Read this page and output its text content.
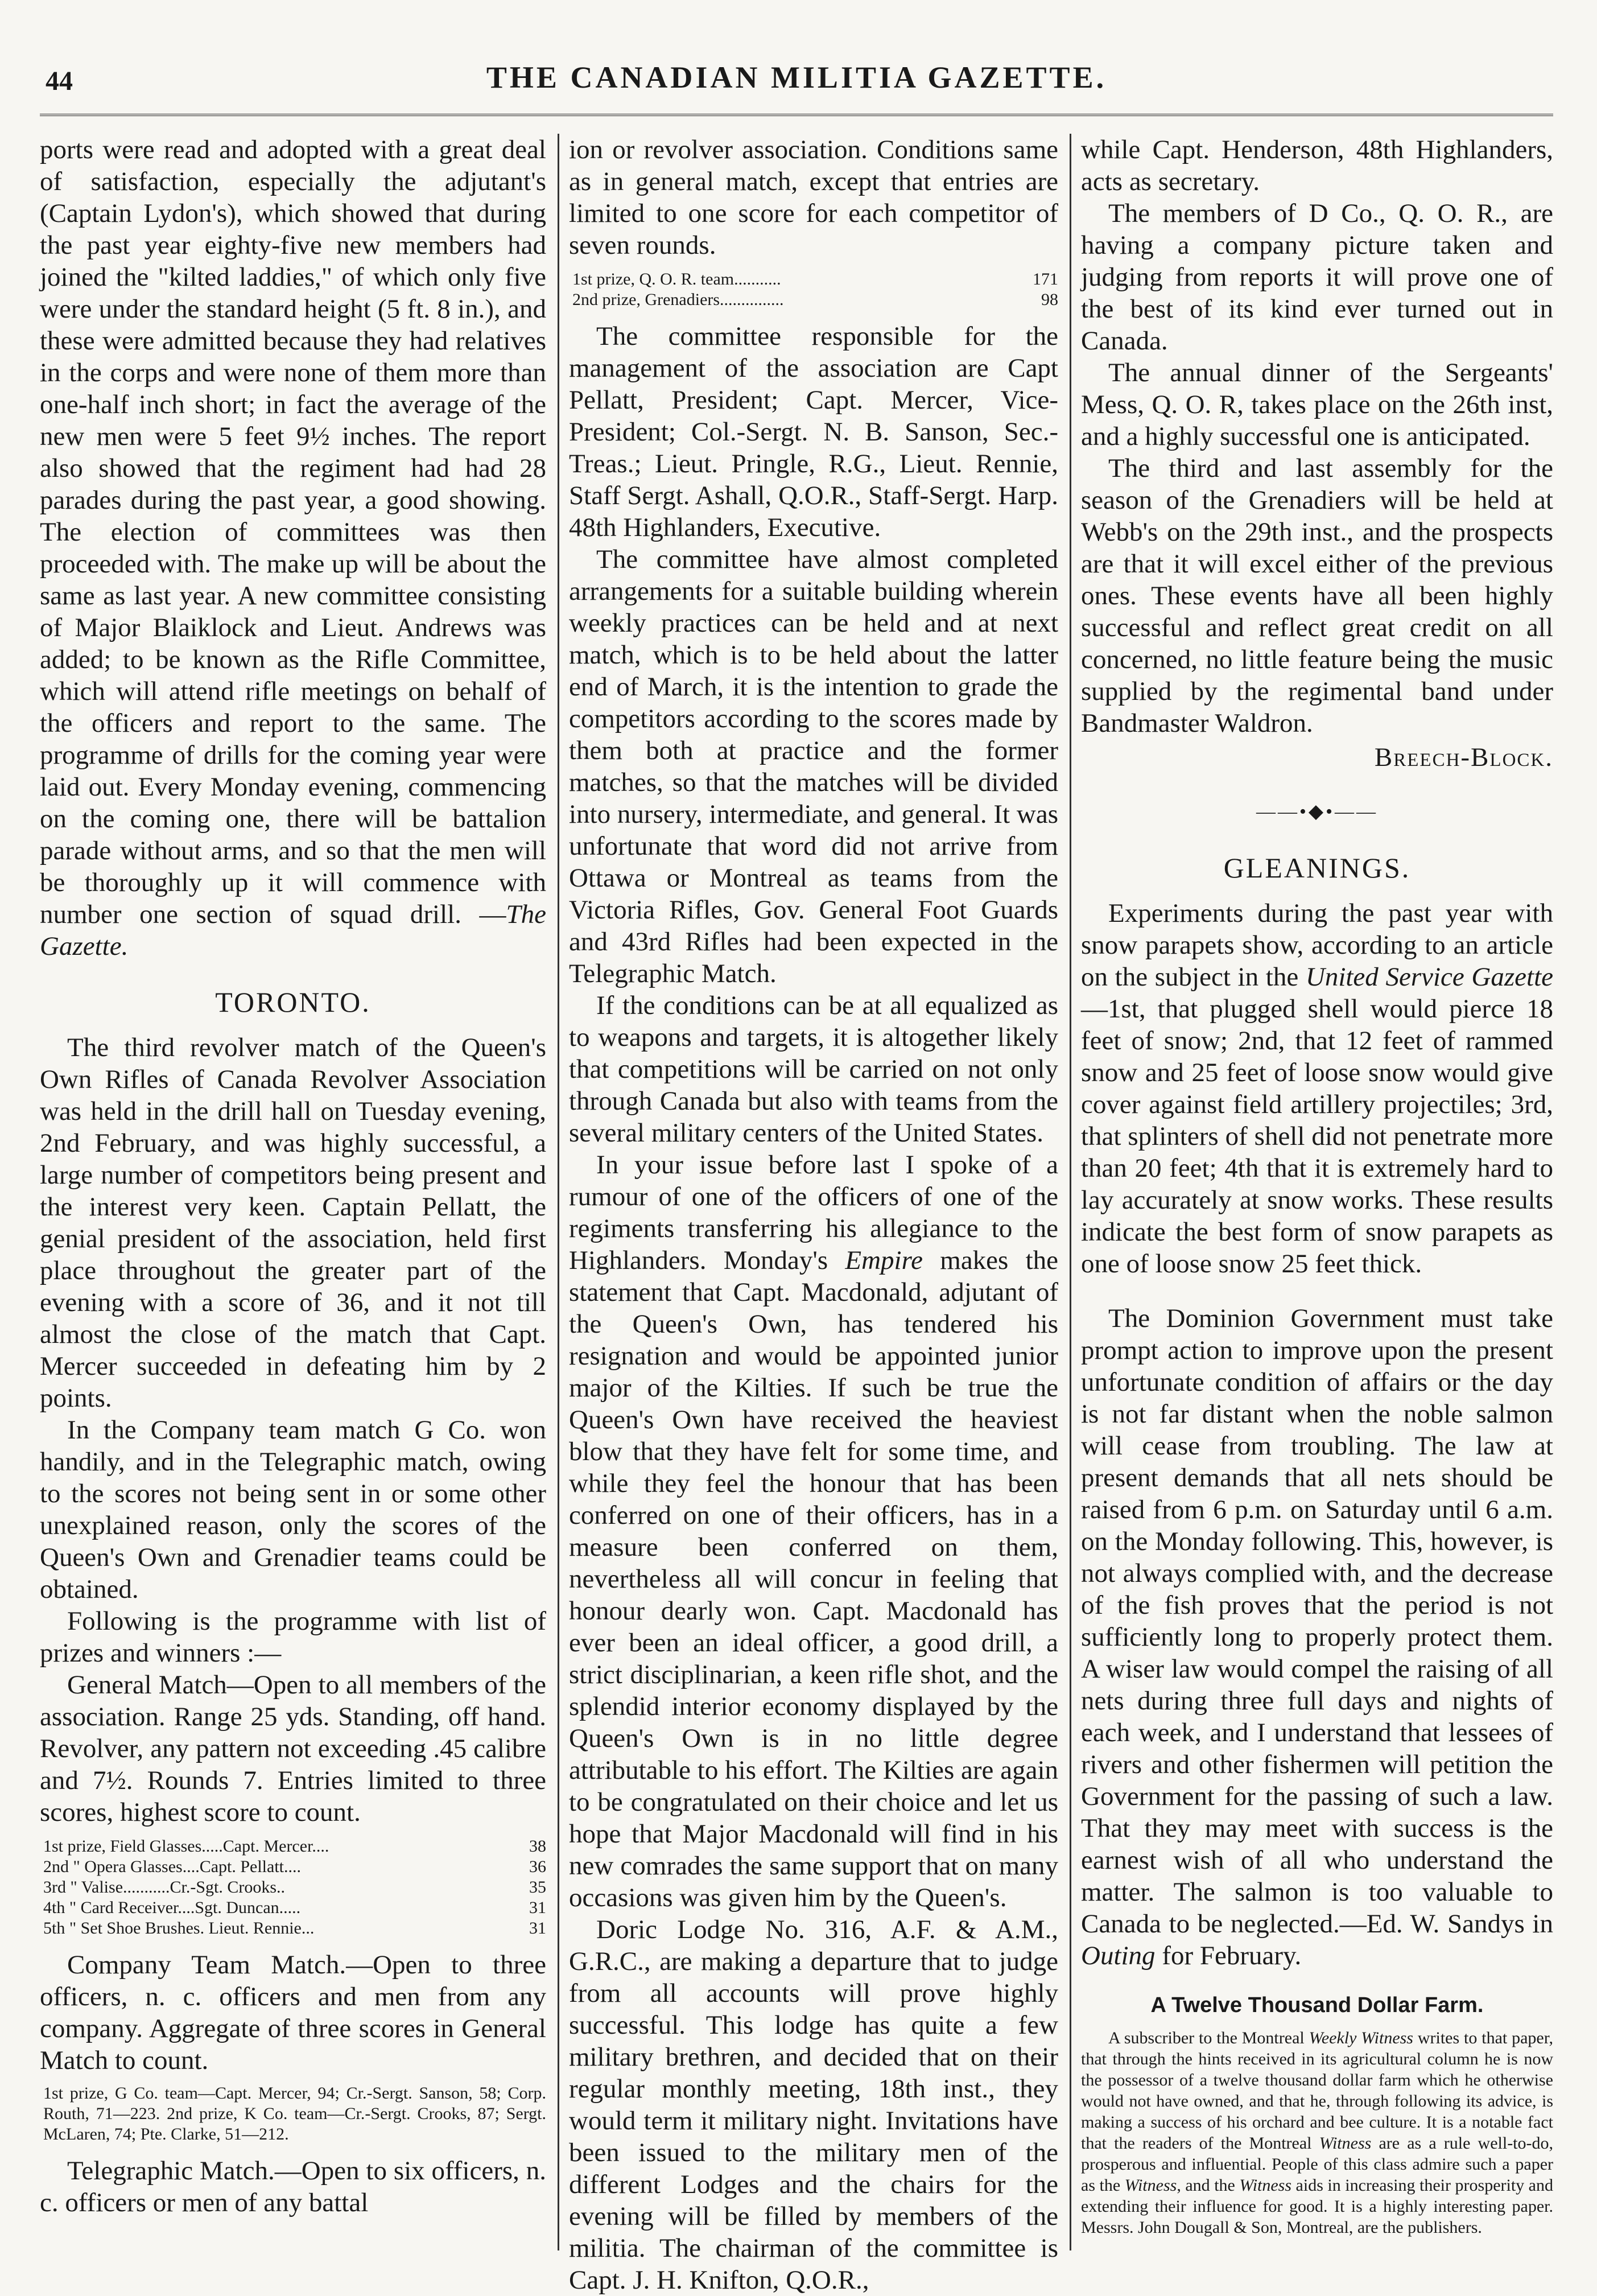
44	THE CANADIAN MILITIA GAZETTE.

ports were read and adopted with a great deal of satisfaction, especially the adjutant's (Captain Lydon's), which showed that during the past year eighty-five new members had joined the "kilted laddies," of which only five were under the standard height (5 ft. 8 in.), and these were admitted because they had relatives in the corps and were none of them more than one-half inch short; in fact the average of the new men were 5 feet 9½ inches. The report also showed that the regiment had had 28 parades during the past year, a good showing. The election of committees was then proceeded with. The make up will be about the same as last year. A new committee consisting of Major Blaiklock and Lieut. Andrews was added; to be known as the Rifle Committee, which will attend rifle meetings on behalf of the officers and report to the same. The programme of drills for the coming year were laid out. Every Monday evening, commencing on the coming one, there will be battalion parade without arms, and so that the men will be thoroughly up it will commence with number one section of squad drill. —The Gazette.

TORONTO.

The third revolver match of the Queen's Own Rifles of Canada Revolver Association was held in the drill hall on Tuesday evening, 2nd February, and was highly successful, a large number of competitors being present and the interest very keen. Captain Pellatt, the genial president of the association, held first place throughout the greater part of the evening with a score of 36, and it not till almost the close of the match that Capt. Mercer succeeded in defeating him by 2 points.

In the Company team match G Co. won handily, and in the Telegraphic match, owing to the scores not being sent in or some other unexplained reason, only the scores of the Queen's Own and Grenadier teams could be obtained.

Following is the programme with list of prizes and winners :—

General Match—Open to all members of the association. Range 25 yds. Standing, off hand. Revolver, any pattern not exceeding .45 calibre and 7½. Rounds 7. Entries limited to three scores, highest score to count.

1st prize, Field Glasses.....Capt. Mercer....	38
2nd " Opera Glasses....Capt. Pellatt....	36
3rd " Valise...........Cr.-Sgt. Crooks..	35
4th " Card Receiver....Sgt. Duncan.....	31
5th " Set Shoe Brushes. Lieut. Rennie...	31

Company Team Match.—Open to three officers, n. c. officers and men from any company. Aggregate of three scores in General Match to count.

1st prize, G Co. team—Capt. Mercer, 94; Cr.-Sergt. Sanson, 58; Corp. Routh, 71—223. 2nd prize, K Co. team—Cr.-Sergt. Crooks, 87; Sergt. McLaren, 74; Pte. Clarke, 51—212.

Telegraphic Match.—Open to six officers, n. c. officers or men of any battal

ion or revolver association. Conditions same as in general match, except that entries are limited to one score for each competitor of seven rounds.

1st prize, Q. O. R. team...........	171
2nd prize, Grenadiers...............	98

The committee responsible for the management of the association are Capt Pellatt, President; Capt. Mercer, Vice-President; Col.-Sergt. N. B. Sanson, Sec.-Treas.; Lieut. Pringle, R.G., Lieut. Rennie, Staff Sergt. Ashall, Q.O.R., Staff-Sergt. Harp. 48th Highlanders, Executive.

The committee have almost completed arrangements for a suitable building wherein weekly practices can be held and at next match, which is to be held about the latter end of March, it is the intention to grade the competitors according to the scores made by them both at practice and the former matches, so that the matches will be divided into nursery, intermediate, and general. It was unfortunate that word did not arrive from Ottawa or Montreal as teams from the Victoria Rifles, Gov. General Foot Guards and 43rd Rifles had been expected in the Telegraphic Match.

If the conditions can be at all equalized as to weapons and targets, it is altogether likely that competitions will be carried on not only through Canada but also with teams from the several military centers of the United States.

In your issue before last I spoke of a rumour of one of the officers of one of the regiments transferring his allegiance to the Highlanders. Monday's Empire makes the statement that Capt. Macdonald, adjutant of the Queen's Own, has tendered his resignation and would be appointed junior major of the Kilties. If such be true the Queen's Own have received the heaviest blow that they have felt for some time, and while they feel the honour that has been conferred on one of their officers, has in a measure been conferred on them, nevertheless all will concur in feeling that honour dearly won. Capt. Macdonald has ever been an ideal officer, a good drill, a strict disciplinarian, a keen rifle shot, and the splendid interior economy displayed by the Queen's Own is in no little degree attributable to his effort. The Kilties are again to be congratulated on their choice and let us hope that Major Macdonald will find in his new comrades the same support that on many occasions was given him by the Queen's.

Doric Lodge No. 316, A.F. & A.M., G.R.C., are making a departure that to judge from all accounts will prove highly successful. This lodge has quite a few military brethren, and decided that on their regular monthly meeting, 18th inst., they would term it military night. Invitations have been issued to the military men of the different Lodges and the chairs for the evening will be filled by members of the militia. The chairman of the committee is Capt. J. H. Knifton, Q.O.R.,

while Capt. Henderson, 48th Highlanders, acts as secretary.

The members of D Co., Q. O. R., are having a company picture taken and judging from reports it will prove one of the best of its kind ever turned out in Canada.

The annual dinner of the Sergeants' Mess, Q. O. R, takes place on the 26th inst, and a highly successful one is anticipated.

The third and last assembly for the season of the Grenadiers will be held at Webb's on the 29th inst., and the prospects are that it will excel either of the previous ones. These events have all been highly successful and reflect great credit on all concerned, no little feature being the music supplied by the regimental band under Bandmaster Waldron.

Breech-Block.

——•◆•——
GLEANINGS.

Experiments during the past year with snow parapets show, according to an article on the subject in the United Service Gazette—1st, that plugged shell would pierce 18 feet of snow; 2nd, that 12 feet of rammed snow and 25 feet of loose snow would give cover against field artillery projectiles; 3rd, that splinters of shell did not penetrate more than 20 feet; 4th that it is extremely hard to lay accurately at snow works. These results indicate the best form of snow parapets as one of loose snow 25 feet thick.

The Dominion Government must take prompt action to improve upon the present unfortunate condition of affairs or the day is not far distant when the noble salmon will cease from troubling. The law at present demands that all nets should be raised from 6 p.m. on Saturday until 6 a.m. on the Monday following. This, however, is not always complied with, and the decrease of the fish proves that the period is not sufficiently long to properly protect them. A wiser law would compel the raising of all nets during three full days and nights of each week, and I understand that lessees of rivers and other fishermen will petition the Government for the passing of such a law. That they may meet with success is the earnest wish of all who understand the matter. The salmon is too valuable to Canada to be neglected.—Ed. W. Sandys in Outing for February.

A Twelve Thousand Dollar Farm.

A subscriber to the Montreal Weekly Witness writes to that paper, that through the hints received in its agricultural column he is now the possessor of a twelve thousand dollar farm which he otherwise would not have owned, and that he, through following its advice, is making a success of his orchard and bee culture. It is a notable fact that the readers of the Montreal Witness are as a rule well-to-do, prosperous and influential. People of this class admire such a paper as the Witness, and the Witness aids in increasing their prosperity and extending their influence for good. It is a highly interesting paper. Messrs. John Dougall & Son, Montreal, are the publishers.
